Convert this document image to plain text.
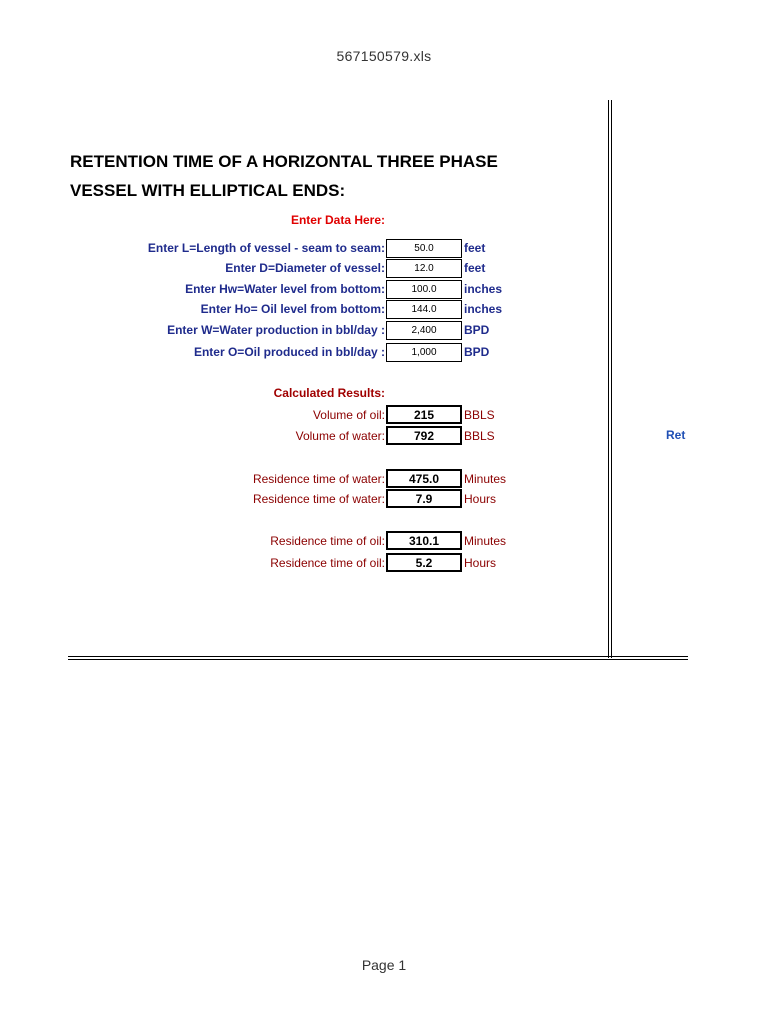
567150579.xls
RETENTION TIME OF A HORIZONTAL THREE PHASE
VESSEL WITH ELLIPTICAL ENDS:
Enter Data Here:
Enter L=Length of vessel - seam to seam:	50.0	feet
Enter D=Diameter of vessel:	12.0	feet
Enter Hw=Water level from bottom:	100.0	inches
Enter Ho= Oil level from bottom:	144.0	inches
Enter W=Water production in bbl/day :	2,400	BPD
Enter O=Oil produced in bbl/day :	1,000	BPD
Calculated Results:
Volume of oil:	215	BBLS
Volume of water:	792	BBLS	Ret
Residence time of water:	475.0	Minutes
Residence time of water:	7.9	Hours
Residence time of oil:	310.1	Minutes
Residence time of oil:	5.2	Hours
Page 1
